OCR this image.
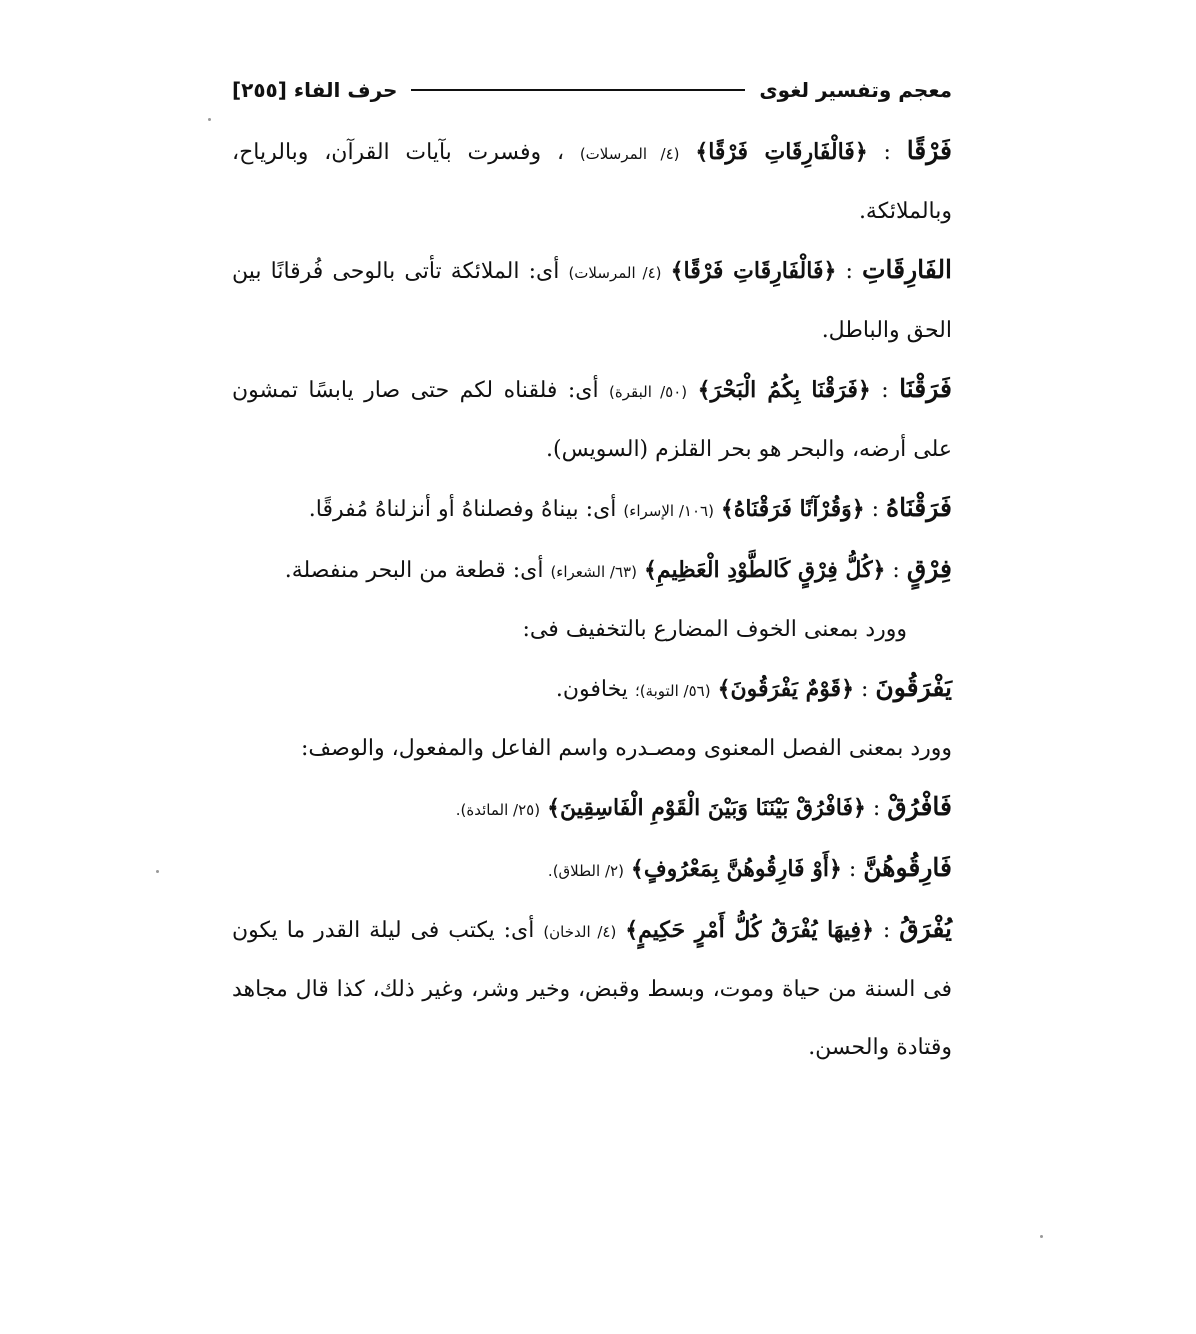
معجم وتفسير لغوى
حرف الفاء [٢٥٥]

فَرْقًا : ﴿فَالْفَارِقَاتِ فَرْقًا﴾ (٤/ المرسلات) ، وفسرت بآيات القرآن، وبالرياح، وبالملائكة.

الفَارِقَاتِ : ﴿فَالْفَارِقَاتِ فَرْقًا﴾ (٤/ المرسلات) أى: الملائكة تأتى بالوحى فُرقانًا بين الحق والباطل.

فَرَقْنَا : ﴿فَرَقْنَا بِكُمُ الْبَحْرَ﴾ (٥٠/ البقرة) أى: فلقناه لكم حتى صار يابسًا تمشون على أرضه، والبحر هو بحر القلزم (السويس).

فَرَقْنَاهُ : ﴿وَقُرْآنًا فَرَقْنَاهُ﴾ (١٠٦/ الإسراء) أى: بيناهُ وفصلناهُ أو أنزلناهُ مُفرقًا.

فِرْقٍ : ﴿كُلُّ فِرْقٍ كَالطَّوْدِ الْعَظِيمِ﴾ (٦٣/ الشعراء) أى: قطعة من البحر منفصلة.

وورد بمعنى الخوف المضارع بالتخفيف فى:

يَفْرَقُونَ : ﴿قَوْمٌ يَفْرَقُونَ﴾ (٥٦/ التوبة)؛ يخافون.

وورد بمعنى الفصل المعنوى ومصـدره واسم الفاعل والمفعول، والوصف:

فَافْرُقْ : ﴿فَافْرُقْ بَيْنَنَا وَبَيْنَ الْقَوْمِ الْفَاسِقِينَ﴾ (٢٥/ المائدة).

فَارِقُوهُنَّ : ﴿أَوْ فَارِقُوهُنَّ بِمَعْرُوفٍ﴾ (٢/ الطلاق).

يُفْرَقُ : ﴿فِيهَا يُفْرَقُ كُلُّ أَمْرٍ حَكِيمٍ﴾ (٤/ الدخان) أى: يكتب فى ليلة القدر ما يكون فى السنة من حياة وموت، وبسط وقبض، وخير وشر، وغير ذلك، كذا قال مجاهد وقتادة والحسن.
